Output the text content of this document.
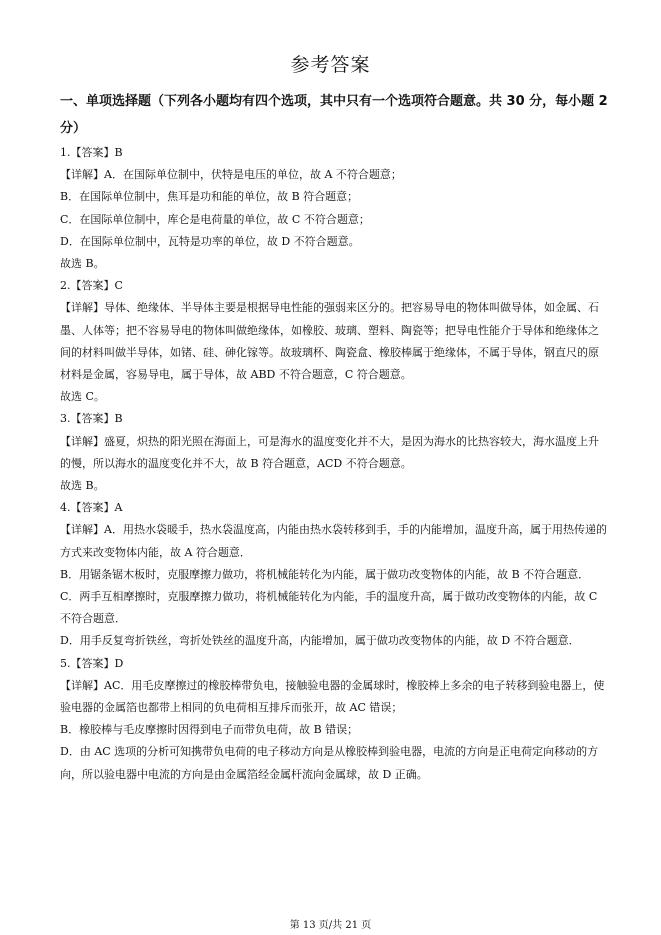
参考答案
一、单项选择题（下列各小题均有四个选项，其中只有一个选项符合题意。共 30 分，每小题 2 分）

1.【答案】B

【详解】A．在国际单位制中，伏特是电压的单位，故 A 不符合题意；

B．在国际单位制中，焦耳是功和能的单位，故 B 符合题意；

C．在国际单位制中，库仑是电荷量的单位，故 C 不符合题意；

D．在国际单位制中，瓦特是功率的单位，故 D 不符合题意。

故选 B。

2.【答案】C

【详解】导体、绝缘体、半导体主要是根据导电性能的强弱来区分的。把容易导电的物体叫做导体，如金属、石墨、人体等；把不容易导电的物体叫做绝缘体，如橡胶、玻璃、塑料、陶瓷等；把导电性能介于导体和绝缘体之间的材料叫做半导体，如锗、硅、砷化镓等。故玻璃杯、陶瓷盒、橡胶棒属于绝缘体，不属于导体，钢直尺的原材料是金属，容易导电，属于导体，故 ABD 不符合题意，C 符合题意。

故选 C。

3.【答案】B

【详解】盛夏，炽热的阳光照在海面上，可是海水的温度变化并不大，是因为海水的比热容较大，海水温度上升的慢，所以海水的温度变化并不大，故 B 符合题意，ACD 不符合题意。

故选 B。

4.【答案】A

【详解】A．用热水袋暖手，热水袋温度高，内能由热水袋转移到手，手的内能增加，温度升高，属于用热传递的方式来改变物体内能，故 A 符合题意．

B．用锯条锯木板时，克服摩擦力做功，将机械能转化为内能，属于做功改变物体的内能，故 B 不符合题意．

C．两手互相摩擦时，克服摩擦力做功，将机械能转化为内能，手的温度升高，属于做功改变物体的内能，故 C 不符合题意．

D．用手反复弯折铁丝，弯折处铁丝的温度升高，内能增加，属于做功改变物体的内能，故 D 不符合题意．

5.【答案】D

【详解】AC．用毛皮摩擦过的橡胶棒带负电，接触验电器的金属球时，橡胶棒上多余的电子转移到验电器上，使验电器的金属箔也都带上相同的负电荷相互排斥而张开，故 AC 错误；

B．橡胶棒与毛皮摩擦时因得到电子而带负电荷，故 B 错误；

D．由 AC 选项的分析可知携带负电荷的电子移动方向是从橡胶棒到验电器，电流的方向是正电荷定向移动的方向，所以验电器中电流的方向是由金属箔经金属杆流向金属球，故 D 正确。

第 13 页/共 21 页
